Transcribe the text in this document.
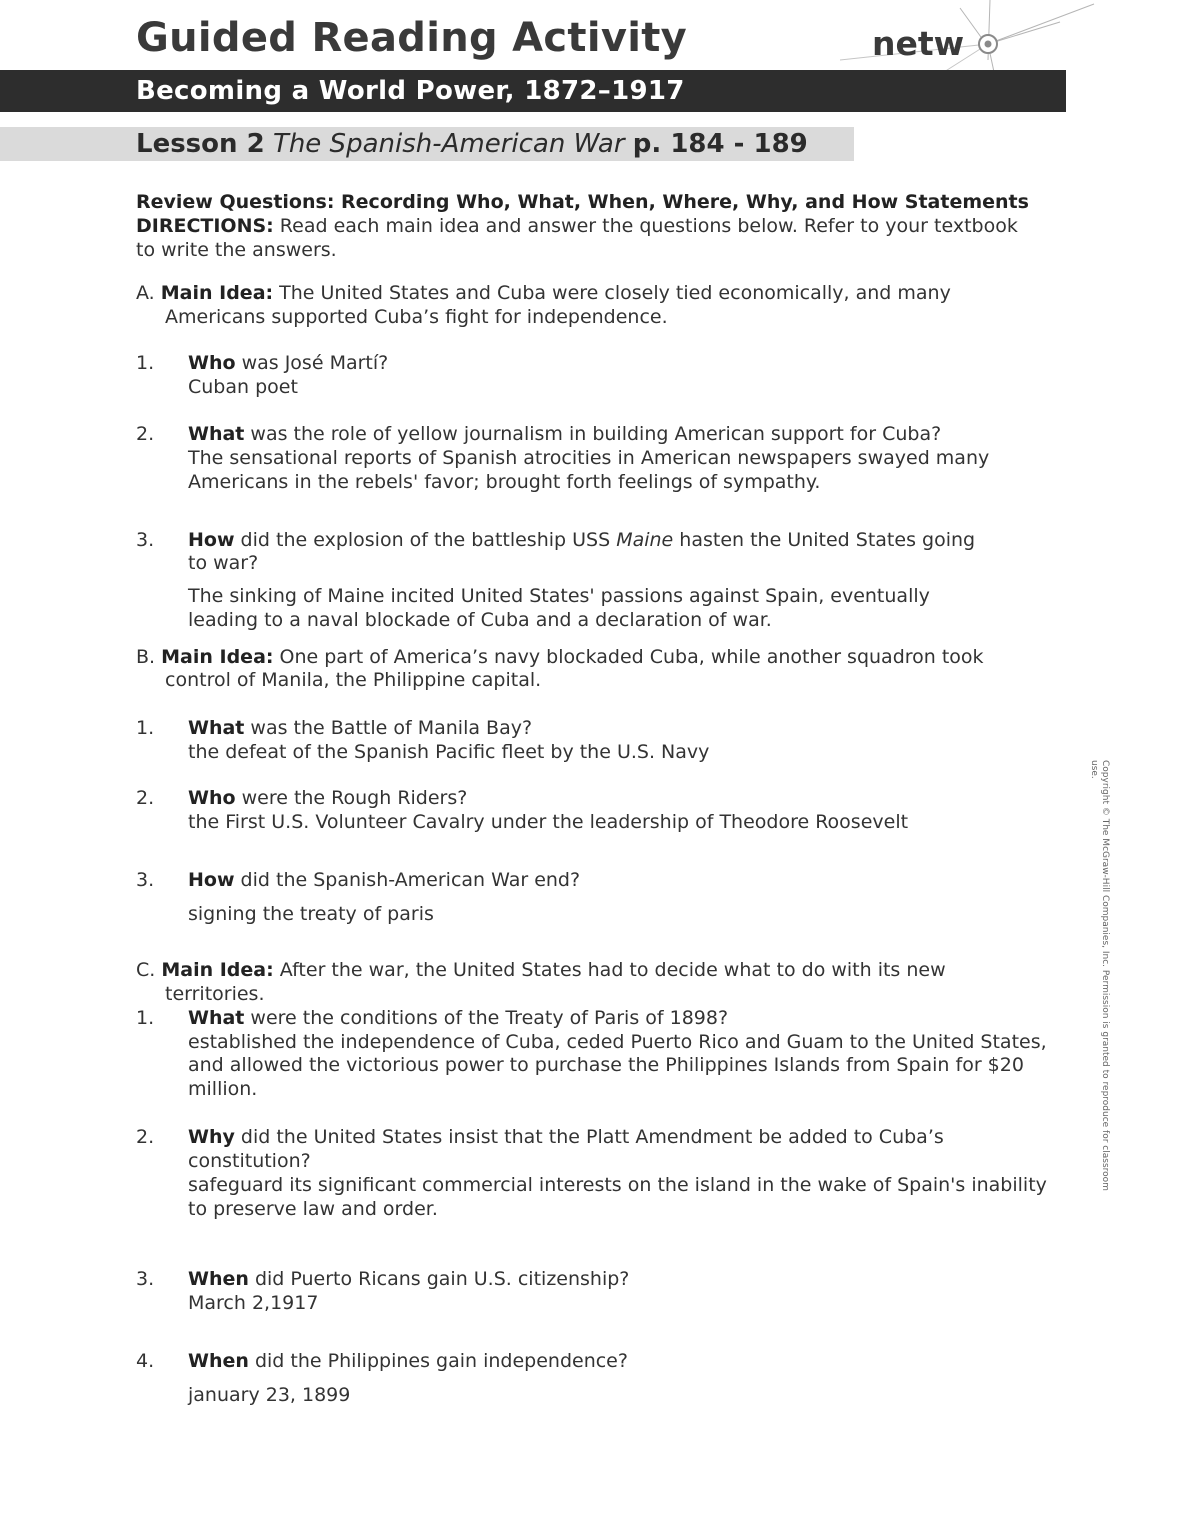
Guided Reading Activity	netw
Becoming a World Power, 1872–1917
Lesson 2 The Spanish-American War p. 184 - 189
Review Questions: Recording Who, What, When, Where, Why, and How Statements
DIRECTIONS: Read each main idea and answer the questions below. Refer to your textbook
to write the answers.
A. Main Idea: The United States and Cuba were closely tied economically, and many
Americans supported Cuba’s fight for independence.
1. Who was José Martí?
Cuban poet
2. What was the role of yellow journalism in building American support for Cuba?
The sensational reports of Spanish atrocities in American newspapers swayed many
Americans in the rebels' favor; brought forth feelings of sympathy.
3. How did the explosion of the battleship USS Maine hasten the United States going
to war?
The sinking of Maine incited United States' passions against Spain, eventually
leading to a naval blockade of Cuba and a declaration of war.
B. Main Idea: One part of America’s navy blockaded Cuba, while another squadron took
control of Manila, the Philippine capital.
1. What was the Battle of Manila Bay?
the defeat of the Spanish Pacific fleet by the U.S. Navy
2. Who were the Rough Riders?
the First U.S. Volunteer Cavalry under the leadership of Theodore Roosevelt
3. How did the Spanish-American War end?
signing the treaty of paris
C. Main Idea: After the war, the United States had to decide what to do with its new
territories.
1. What were the conditions of the Treaty of Paris of 1898?
established the independence of Cuba, ceded Puerto Rico and Guam to the United States,
and allowed the victorious power to purchase the Philippines Islands from Spain for $20
million.
2. Why did the United States insist that the Platt Amendment be added to Cuba’s
constitution?
safeguard its significant commercial interests on the island in the wake of Spain's inability
to preserve law and order.
3. When did Puerto Ricans gain U.S. citizenship?
March 2,1917
4. When did the Philippines gain independence?
january 23, 1899
Copyright © The McGraw-Hill Companies, Inc. Permission is granted to reproduce for classroom
use.
